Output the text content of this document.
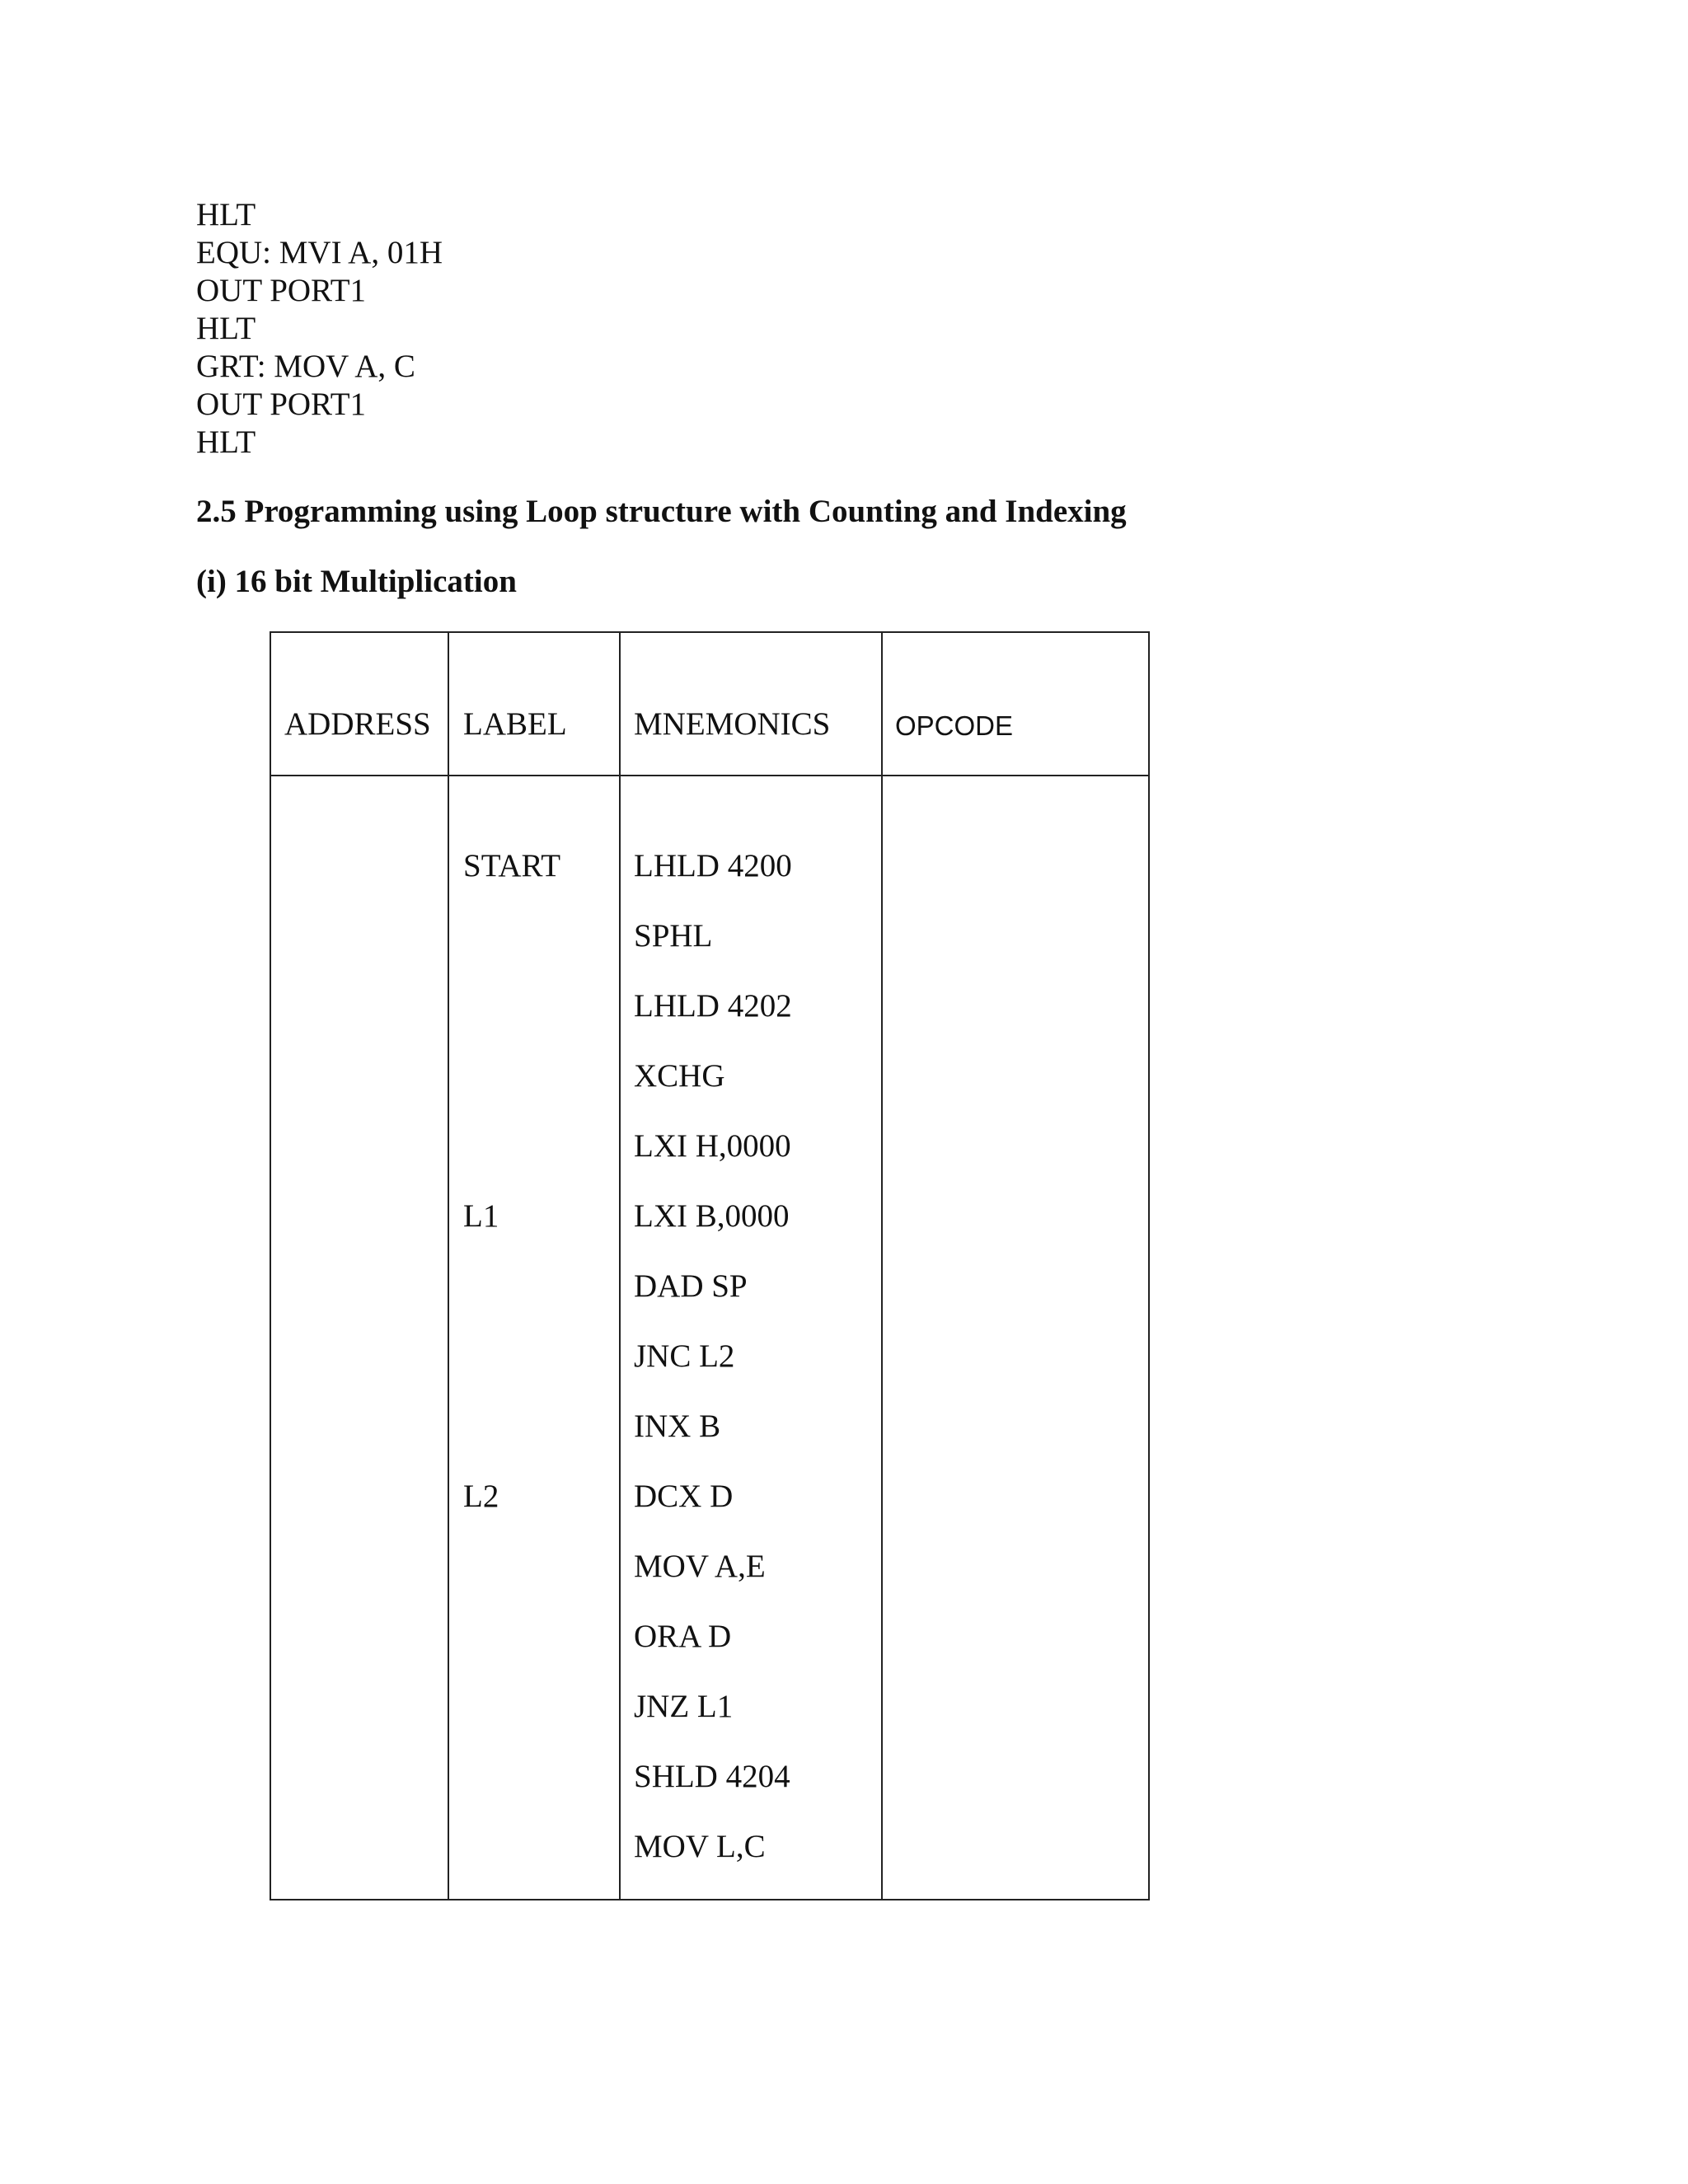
HLT
EQU: MVI A, 01H
OUT PORT1
HLT
GRT: MOV A, C
OUT PORT1
HLT
2.5 Programming using Loop structure with Counting and Indexing
(i) 16 bit Multiplication
ADDRESS LABEL MNEMONICS OPCODE
START LHLD 4200
SPHL
LHLD 4202
XCHG
LXI H,0000
L1	LXI B,0000
DAD SP
JNC L2
INX B
L2	DCX D
MOV A,E
ORA D
JNZ L1
SHLD 4204
MOV L,C
